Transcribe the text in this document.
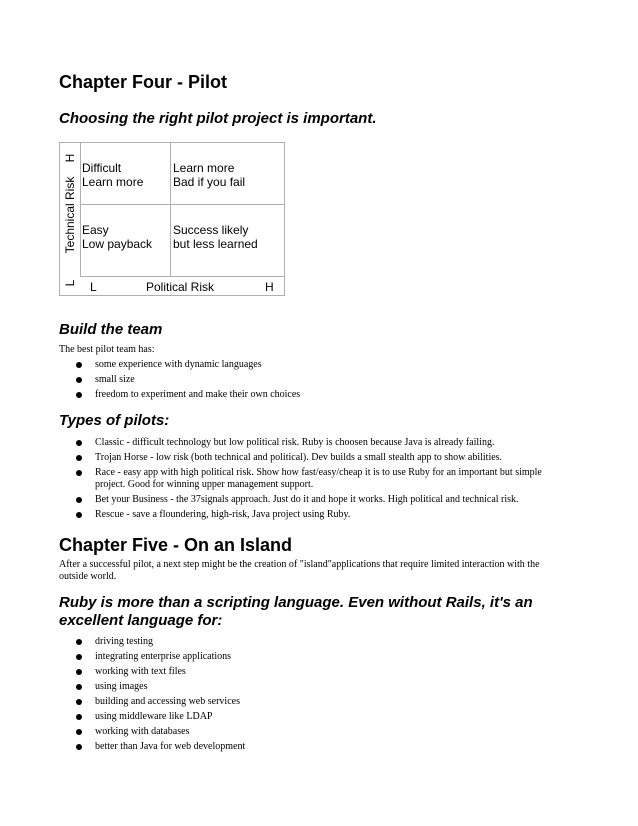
Chapter Four - Pilot
Choosing the right pilot project is important.
H
Technical Risk
L
Difficult
Learn more
Learn more
Bad if you fail
Easy
Low payback
Success likely
but less learned
L	Political Risk	H
Build the team

The best pilot team has:

some experience with dynamic languages
small size
freedom to experiment and make their own choices
Types of pilots:
Classic - difficult technology but low political risk. Ruby is choosen because Java is already failing.
Trojan Horse - low risk (both technical and political). Dev builds a small stealth app to show abilities.
Race - easy app with high political risk. Show how fast/easy/cheap it is to use Ruby for an important but simple project. Good for winning upper management support.
Bet your Business - the 37signals approach. Just do it and hope it works. High political and technical risk.
Rescue - save a floundering, high-risk, Java project using Ruby.
Chapter Five - On an Island

After a successful pilot, a next step might be the creation of "island"applications that require limited interaction with the outside world.

Ruby is more than a scripting language. Even without Rails, it's an excellent language for:
driving testing
integrating enterprise applications
working with text files
using images
building and accessing web services
using middleware like LDAP
working with databases
better than Java for web development
